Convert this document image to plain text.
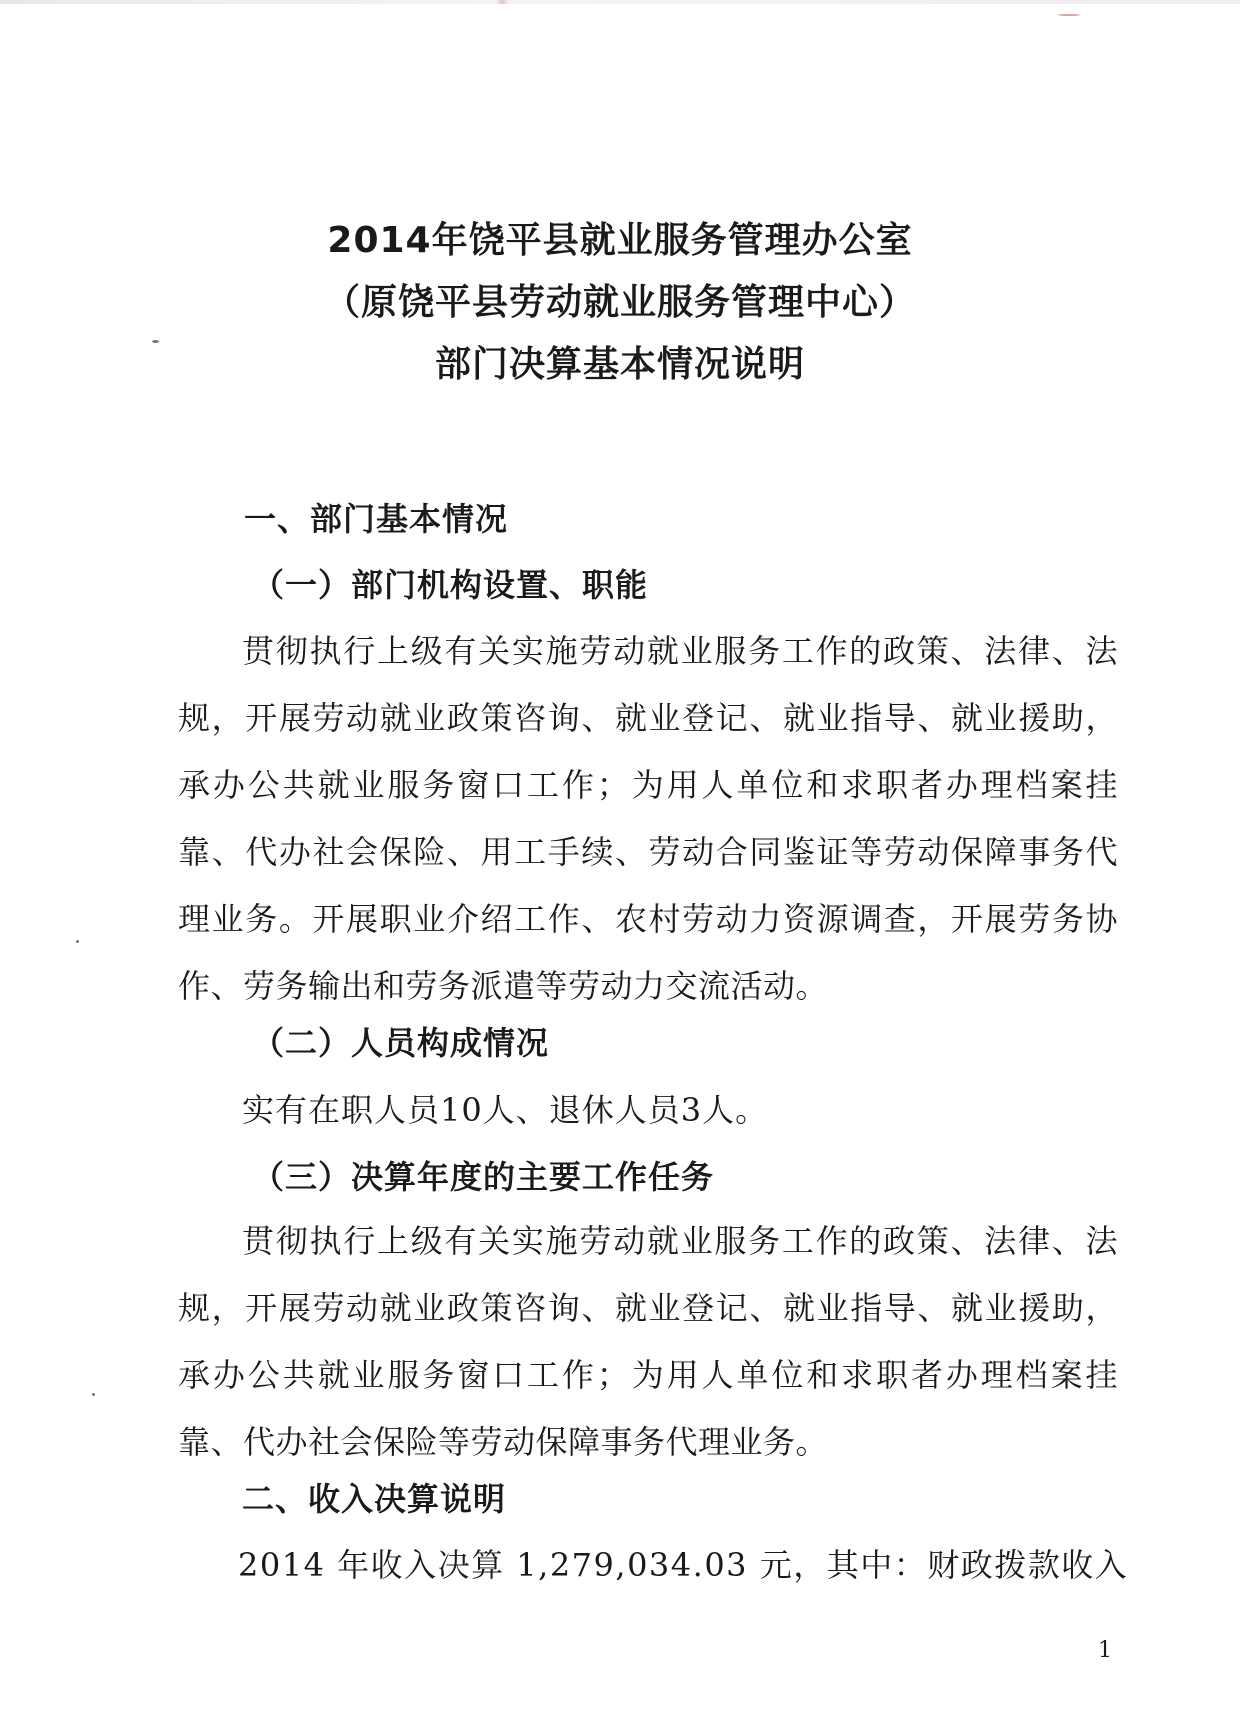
2014年饶平县就业服务管理办公室
（原饶平县劳动就业服务管理中心）
部门决算基本情况说明
一、部门基本情况
（一）部门机构设置、职能
贯彻执行上级有关实施劳动就业服务工作的政策、法律、法规，开展劳动就业政策咨询、就业登记、就业指导、就业援助，承办公共就业服务窗口工作；为用人单位和求职者办理档案挂靠、代办社会保险、用工手续、劳动合同鉴证等劳动保障事务代理业务。开展职业介绍工作、农村劳动力资源调查，开展劳务协作、劳务输出和劳务派遣等劳动力交流活动。
（二）人员构成情况
实有在职人员10人、退休人员3人。
（三）决算年度的主要工作任务
贯彻执行上级有关实施劳动就业服务工作的政策、法律、法规，开展劳动就业政策咨询、就业登记、就业指导、就业援助，承办公共就业服务窗口工作；为用人单位和求职者办理档案挂靠、代办社会保险等劳动保障事务代理业务。
二、收入决算说明
2014 年收入决算 1,279,034.03 元，其中：财政拨款收入
1
